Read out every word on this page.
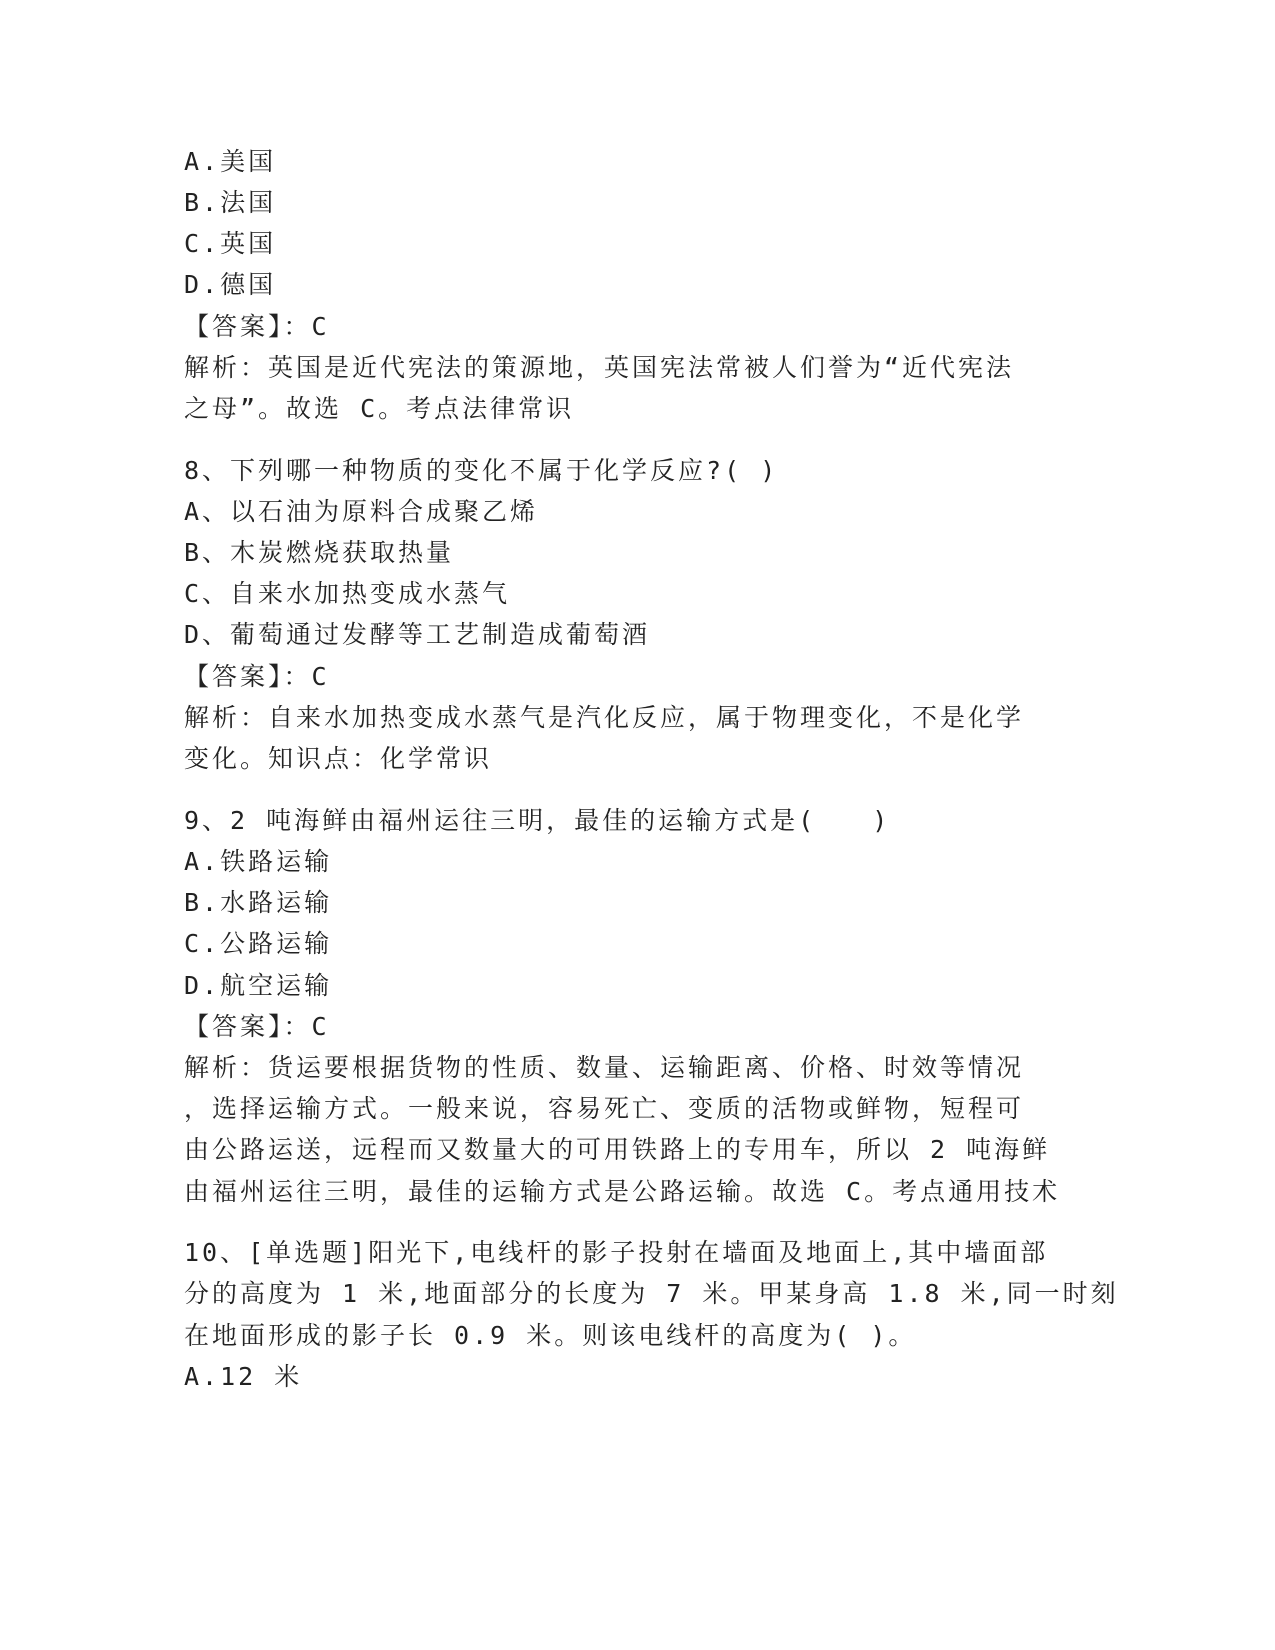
A.美国

B.法国

C.英国

D.德国

【答案】：C

解析：英国是近代宪法的策源地，英国宪法常被人们誉为“近代宪法

之母”。故选 C。考点法律常识

8、下列哪一种物质的变化不属于化学反应?( )

A、以石油为原料合成聚乙烯

B、木炭燃烧获取热量

C、自来水加热变成水蒸气

D、葡萄通过发酵等工艺制造成葡萄酒

【答案】：C

解析：自来水加热变成水蒸气是汽化反应，属于物理变化，不是化学

变化。知识点：化学常识

9、2 吨海鲜由福州运往三明，最佳的运输方式是(　　)

A.铁路运输

B.水路运输

C.公路运输

D.航空运输

【答案】：C

解析：货运要根据货物的性质、数量、运输距离、价格、时效等情况

，选择运输方式。一般来说，容易死亡、变质的活物或鲜物，短程可

由公路运送，远程而又数量大的可用铁路上的专用车，所以 2 吨海鲜

由福州运往三明，最佳的运输方式是公路运输。故选 C。考点通用技术

10、[单选题]阳光下,电线杆的影子投射在墙面及地面上,其中墙面部

分的高度为 1 米,地面部分的长度为 7 米。甲某身高 1.8 米,同一时刻

在地面形成的影子长 0.9 米。则该电线杆的高度为( )。

A.12 米
